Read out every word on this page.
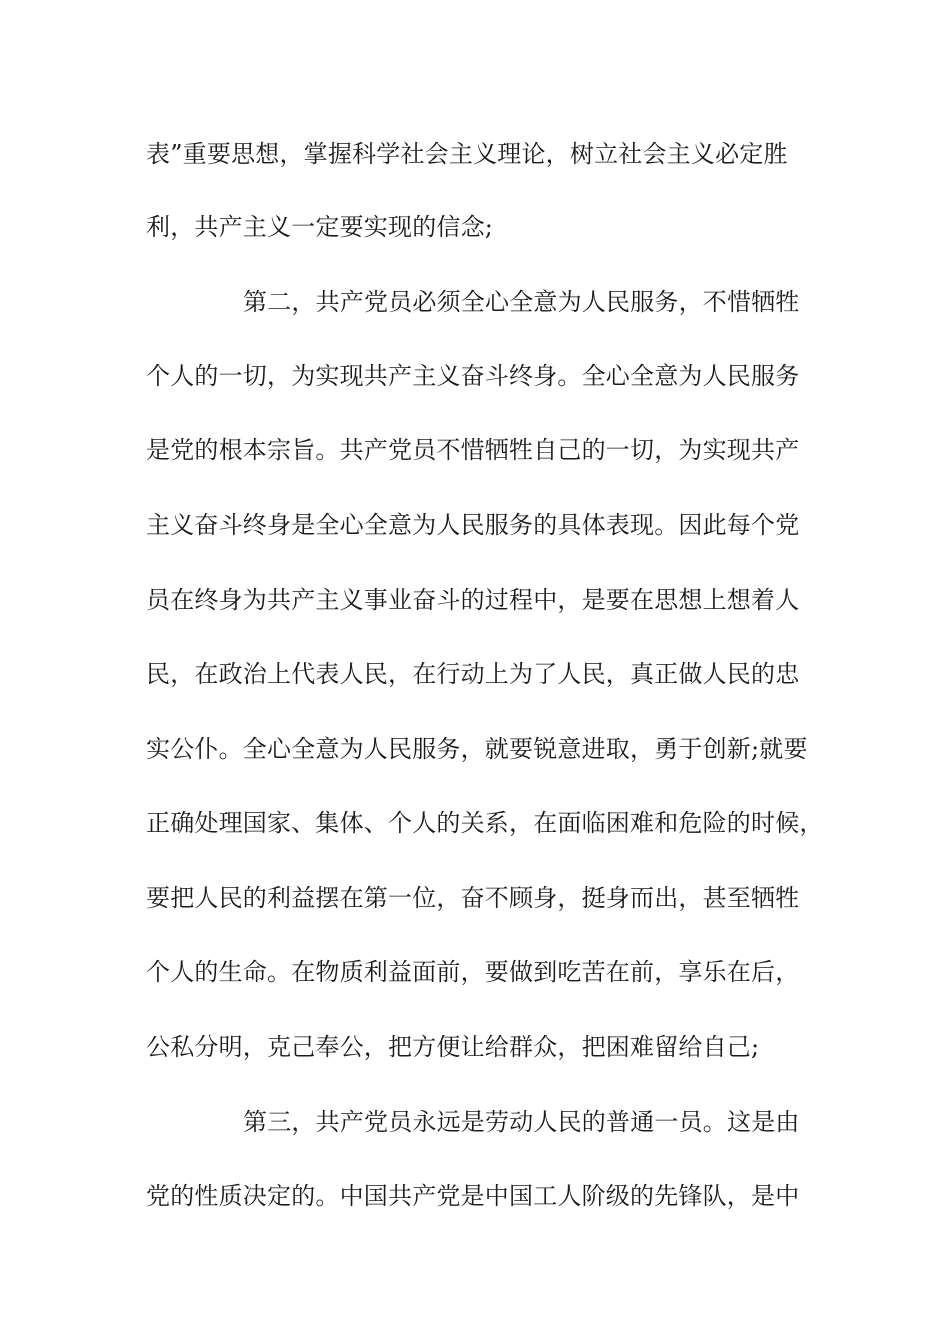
表”重要思想，掌握科学社会主义理论，树立社会主义必定胜
利，共产主义一定要实现的信念;
第二，共产党员必须全心全意为人民服务，不惜牺牲
个人的一切，为实现共产主义奋斗终身。全心全意为人民服务
是党的根本宗旨。共产党员不惜牺牲自己的一切，为实现共产
主义奋斗终身是全心全意为人民服务的具体表现。因此每个党
员在终身为共产主义事业奋斗的过程中，是要在思想上想着人
民，在政治上代表人民，在行动上为了人民，真正做人民的忠
实公仆。全心全意为人民服务，就要锐意进取，勇于创新;就要
正确处理国家、集体、个人的关系，在面临困难和危险的时候，
要把人民的利益摆在第一位，奋不顾身，挺身而出，甚至牺牲
个人的生命。在物质利益面前，要做到吃苦在前，享乐在后，
公私分明，克己奉公，把方便让给群众，把困难留给自己;
第三，共产党员永远是劳动人民的普通一员。这是由
党的性质决定的。中国共产党是中国工人阶级的先锋队，是中
